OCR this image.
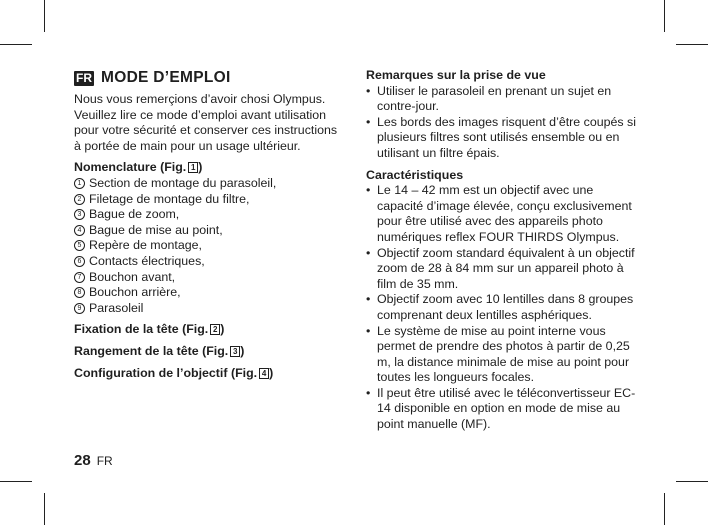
FR MODE D’EMPLOI

Nous vous remerçions d’avoir chosi Olympus. Veuillez lire ce mode d’emploi avant utilisation pour votre sécurité et conserver ces instructions à portée de main pour un usage ultérieur.

Nomenclature (Fig. 1 )

1 Section de montage du parasoleil,
2 Filetage de montage du filtre,
3 Bague de zoom,
4 Bague de mise au point,
5 Repère de montage,
6 Contacts électriques,
7 Bouchon avant,
8 Bouchon arrière,
9 Parasoleil

Fixation de la tête (Fig. 2 )

Rangement de la tête (Fig. 3 )

Configuration de l’objectif (Fig. 4 )

Remarques sur la prise de vue

• Utiliser le parasoleil en prenant un sujet en contre-jour.
• Les bords des images risquent d’être coupés si plusieurs filtres sont utilisés ensemble ou en utilisant un filtre épais.

Caractéristiques

• Le 14 – 42 mm est un objectif avec une capacité d’image élevée, conçu exclusivement pour être utilisé avec des appareils photo numériques reflex FOUR THIRDS Olympus.
• Objectif zoom standard équivalent à un objectif zoom de 28 à 84 mm sur un appareil photo à film de 35 mm.
• Objectif zoom avec 10 lentilles dans 8 groupes comprenant deux lentilles asphériques.
• Le système de mise au point interne vous permet de prendre des photos à partir de 0,25 m, la distance minimale de mise au point pour toutes les longueurs focales.
• Il peut être utilisé avec le téléconvertisseur EC-14 disponible en option en mode de mise au point manuelle (MF).
28 FR
